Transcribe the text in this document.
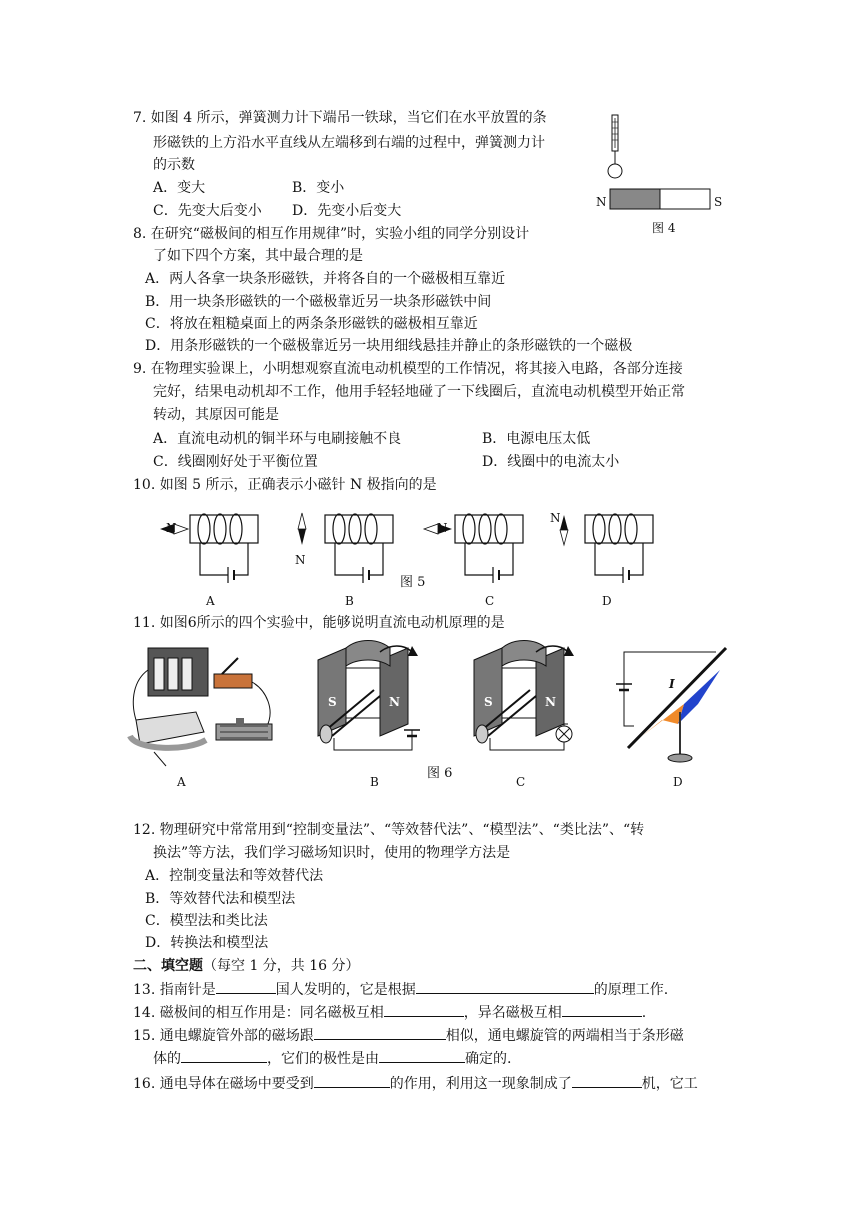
7. 如图 4 所示，弹簧测力计下端吊一铁球，当它们在水平放置的条
形磁铁的上方沿水平直线从左端移到右端的过程中，弹簧测力计
的示数
A．变大	B．变小
C．先变大后变小 D．先变小后变大
N	S
图 4
8. 在研究“磁极间的相互作用规律”时，实验小组的同学分别设计
了如下四个方案，其中最合理的是
A．两人各拿一块条形磁铁，并将各自的一个磁极相互靠近
B．用一块条形磁铁的一个磁极靠近另一块条形磁铁中间
C．将放在粗糙桌面上的两条条形磁铁的磁极相互靠近
D．用条形磁铁的一个磁极靠近另一块用细线悬挂并静止的条形磁铁的一个磁极
9. 在物理实验课上，小明想观察直流电动机模型的工作情况，将其接入电路，各部分连接
完好，结果电动机却不工作，他用手轻轻地碰了一下线圈后，直流电动机模型开始正常
转动，其原因可能是
A．直流电动机的铜半环与电刷接触不良	B．电源电压太低
C．线圈刚好处于平衡位置	D．线圈中的电流太小
10. 如图 5 所示，正确表示小磁针 N 极指向的是
N
N
N
N
图 5
A	B	C	D
11. 如图6所示的四个实验中，能够说明直流电动机原理的是
S	N	S	N
I
图 6
A	B	C	D
12. 物理研究中常常用到“控制变量法”、“等效替代法”、“模型法”、“类比法”、“转
换法”等方法，我们学习磁场知识时，使用的物理学方法是
A．控制变量法和等效替代法
B．等效替代法和模型法
C．模型法和类比法
D．转换法和模型法
二、填空题（每空 1 分，共 16 分）
13. 指南针是	国人发明的，它是根据	的原理工作.
14. 磁极间的相互作用是：同名磁极互相	，异名磁极互相	.
15. 通电螺旋管外部的磁场跟	相似，通电螺旋管的两端相当于条形磁
体的	，它们的极性是由	确定的.
16. 通电导体在磁场中要受到	的作用，利用这一现象制成了	机，它工
